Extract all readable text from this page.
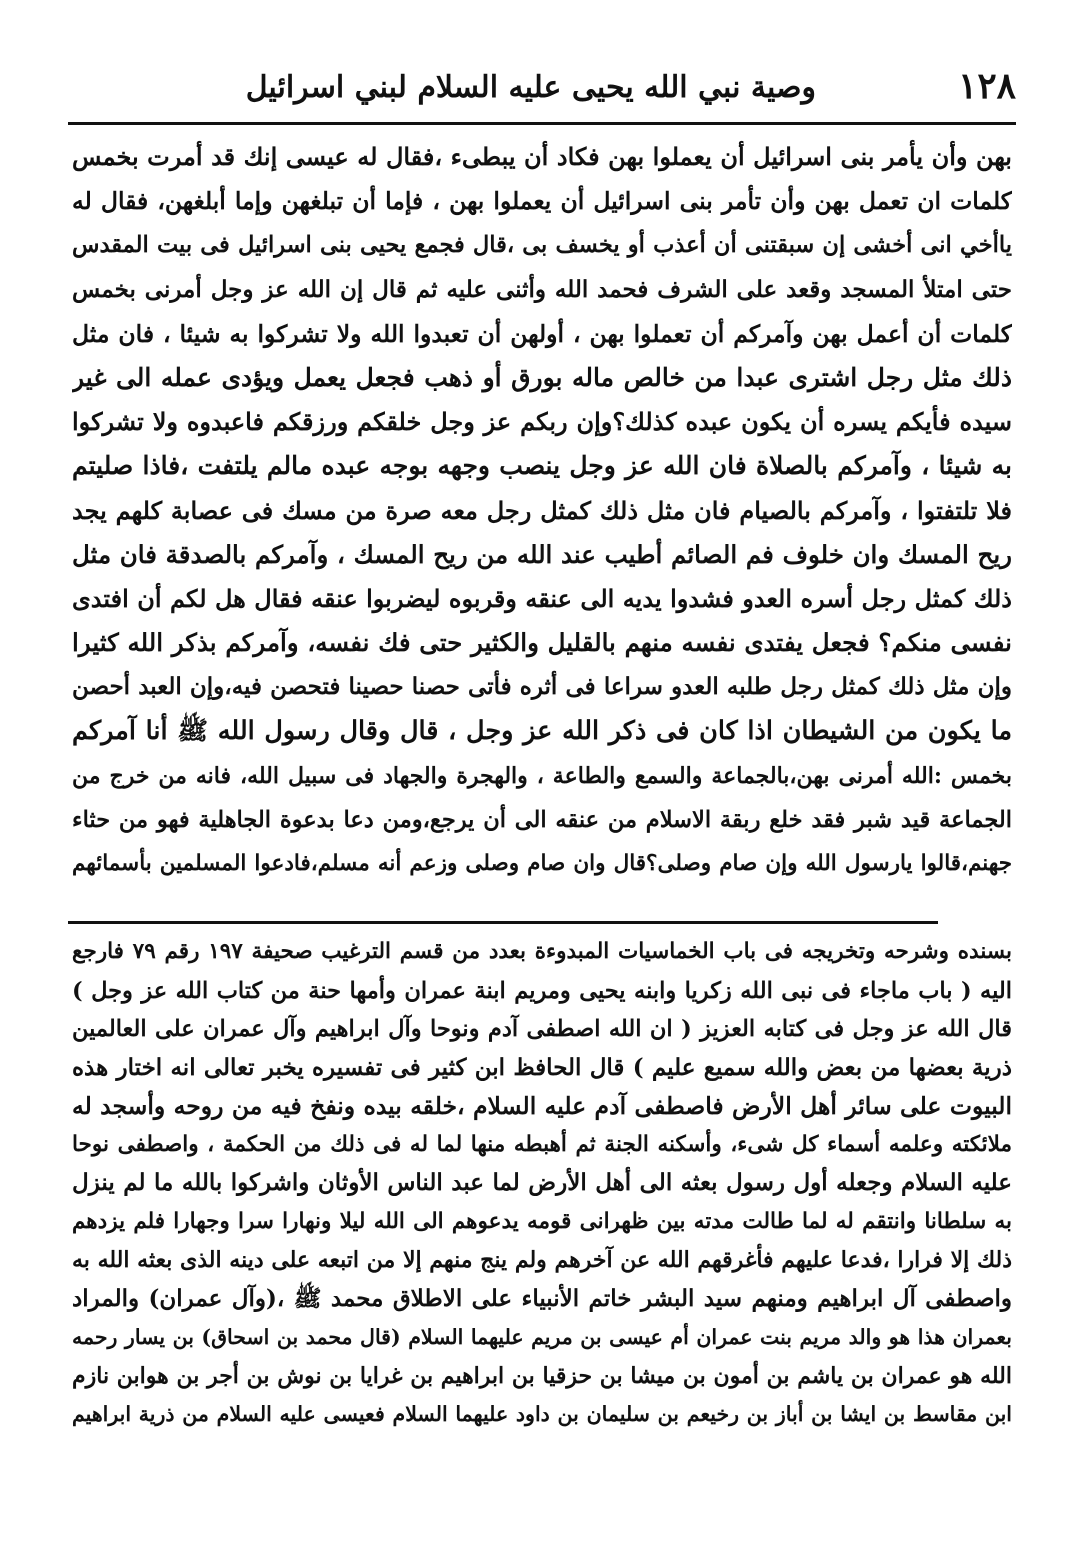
١٢٨
وصية نبي الله يحيى عليه السلام لبني اسرائيل
بهن وأن يأمر بنى اسرائيل أن يعملوا بهن فكاد أن يبطىء ،فقال له عيسى إنك قد أمرت بخمس
كلمات ان تعمل بهن وأن تأمر بنى اسرائيل أن يعملوا بهن ، فإما أن تبلغهن وإما أبلغهن، فقال له
ياأخي انى أخشى إن سبقتنى أن أعذب أو يخسف بى ،قال فجمع يحيى بنى اسرائيل فى بيت المقدس
حتى امتلأ المسجد وقعد على الشرف فحمد الله وأثنى عليه ثم قال إن الله عز وجل أمرنى بخمس
كلمات أن أعمل بهن وآمركم أن تعملوا بهن ، أولهن أن تعبدوا الله ولا تشركوا به شيئا ، فان مثل
ذلك مثل رجل اشترى عبدا من خالص ماله بورق أو ذهب فجعل يعمل ويؤدى عمله الى غير
سيده فأيكم يسره أن يكون عبده كذلك؟وإن ربكم عز وجل خلقكم ورزقكم فاعبدوه ولا تشركوا
به شيئا ، وآمركم بالصلاة فان الله عز وجل ينصب وجهه بوجه عبده مالم يلتفت ،فاذا صليتم
فلا تلتفتوا ، وآمركم بالصيام فان مثل ذلك كمثل رجل معه صرة من مسك فى عصابة كلهم يجد
ريح المسك وان خلوف فم الصائم أطيب عند الله من ريح المسك ، وآمركم بالصدقة فان مثل
ذلك كمثل رجل أسره العدو فشدوا يديه الى عنقه وقربوه ليضربوا عنقه فقال هل لكم أن افتدى
نفسى منكم؟ فجعل يفتدى نفسه منهم بالقليل والكثير حتى فك نفسه، وآمركم بذكر الله كثيرا
وإن مثل ذلك كمثل رجل طلبه العدو سراعا فى أثره فأتى حصنا حصينا فتحصن فيه،وإن العبد أحصن
ما يكون من الشيطان اذا كان فى ذكر الله عز وجل ، قال وقال رسول الله ﷺ أنا آمركم
بخمس :الله أمرنى بهن،بالجماعة والسمع والطاعة ، والهجرة والجهاد فى سبيل الله، فانه من خرج من
الجماعة قيد شبر فقد خلع ربقة الاسلام من عنقه الى أن يرجع،ومن دعا بدعوة الجاهلية فهو من حثاء
جهنم،قالوا يارسول الله وإن صام وصلى؟قال وان صام وصلى وزعم أنه مسلم،فادعوا المسلمين بأسمائهم
بسنده وشرحه وتخريجه فى باب الخماسيات المبدوءة بعدد من قسم الترغيب صحيفة ١٩٧ رقم ٧٩ فارجع
اليه ( باب ماجاء فى نبى الله زكريا وابنه يحيى ومريم ابنة عمران وأمها حنة من كتاب الله عز وجل )
قال الله عز وجل فى كتابه العزيز ( ان الله اصطفى آدم ونوحا وآل ابراهيم وآل عمران على العالمين
ذرية بعضها من بعض والله سميع عليم ) قال الحافظ ابن كثير فى تفسيره يخبر تعالى انه اختار هذه
البيوت على سائر أهل الأرض فاصطفى آدم عليه السلام ،خلقه بيده ونفخ فيه من روحه وأسجد له
ملائكته وعلمه أسماء كل شىء، وأسكنه الجنة ثم أهبطه منها لما له فى ذلك من الحكمة ، واصطفى نوحا
عليه السلام وجعله أول رسول بعثه الى أهل الأرض لما عبد الناس الأوثان واشركوا بالله ما لم ينزل
به سلطانا وانتقم له لما طالت مدته بين ظهرانى قومه يدعوهم الى الله ليلا ونهارا سرا وجهارا فلم يزدهم
ذلك إلا فرارا ،فدعا عليهم فأغرقهم الله عن آخرهم ولم ينج منهم إلا من اتبعه على دينه الذى بعثه الله به
واصطفى آل ابراهيم ومنهم سيد البشر خاتم الأنبياء على الاطلاق محمد ﷺ ،(وآل عمران) والمراد
بعمران هذا هو والد مريم بنت عمران أم عيسى بن مريم عليهما السلام (قال محمد بن اسحاق) بن يسار رحمه
الله هو عمران بن ياشم بن أمون بن ميشا بن حزقيا بن ابراهيم بن غرايا بن نوش بن أجر بن هوابن نازم
ابن مقاسط بن ايشا بن أباز بن رخيعم بن سليمان بن داود عليهما السلام فعيسى عليه السلام من ذرية ابراهيم
